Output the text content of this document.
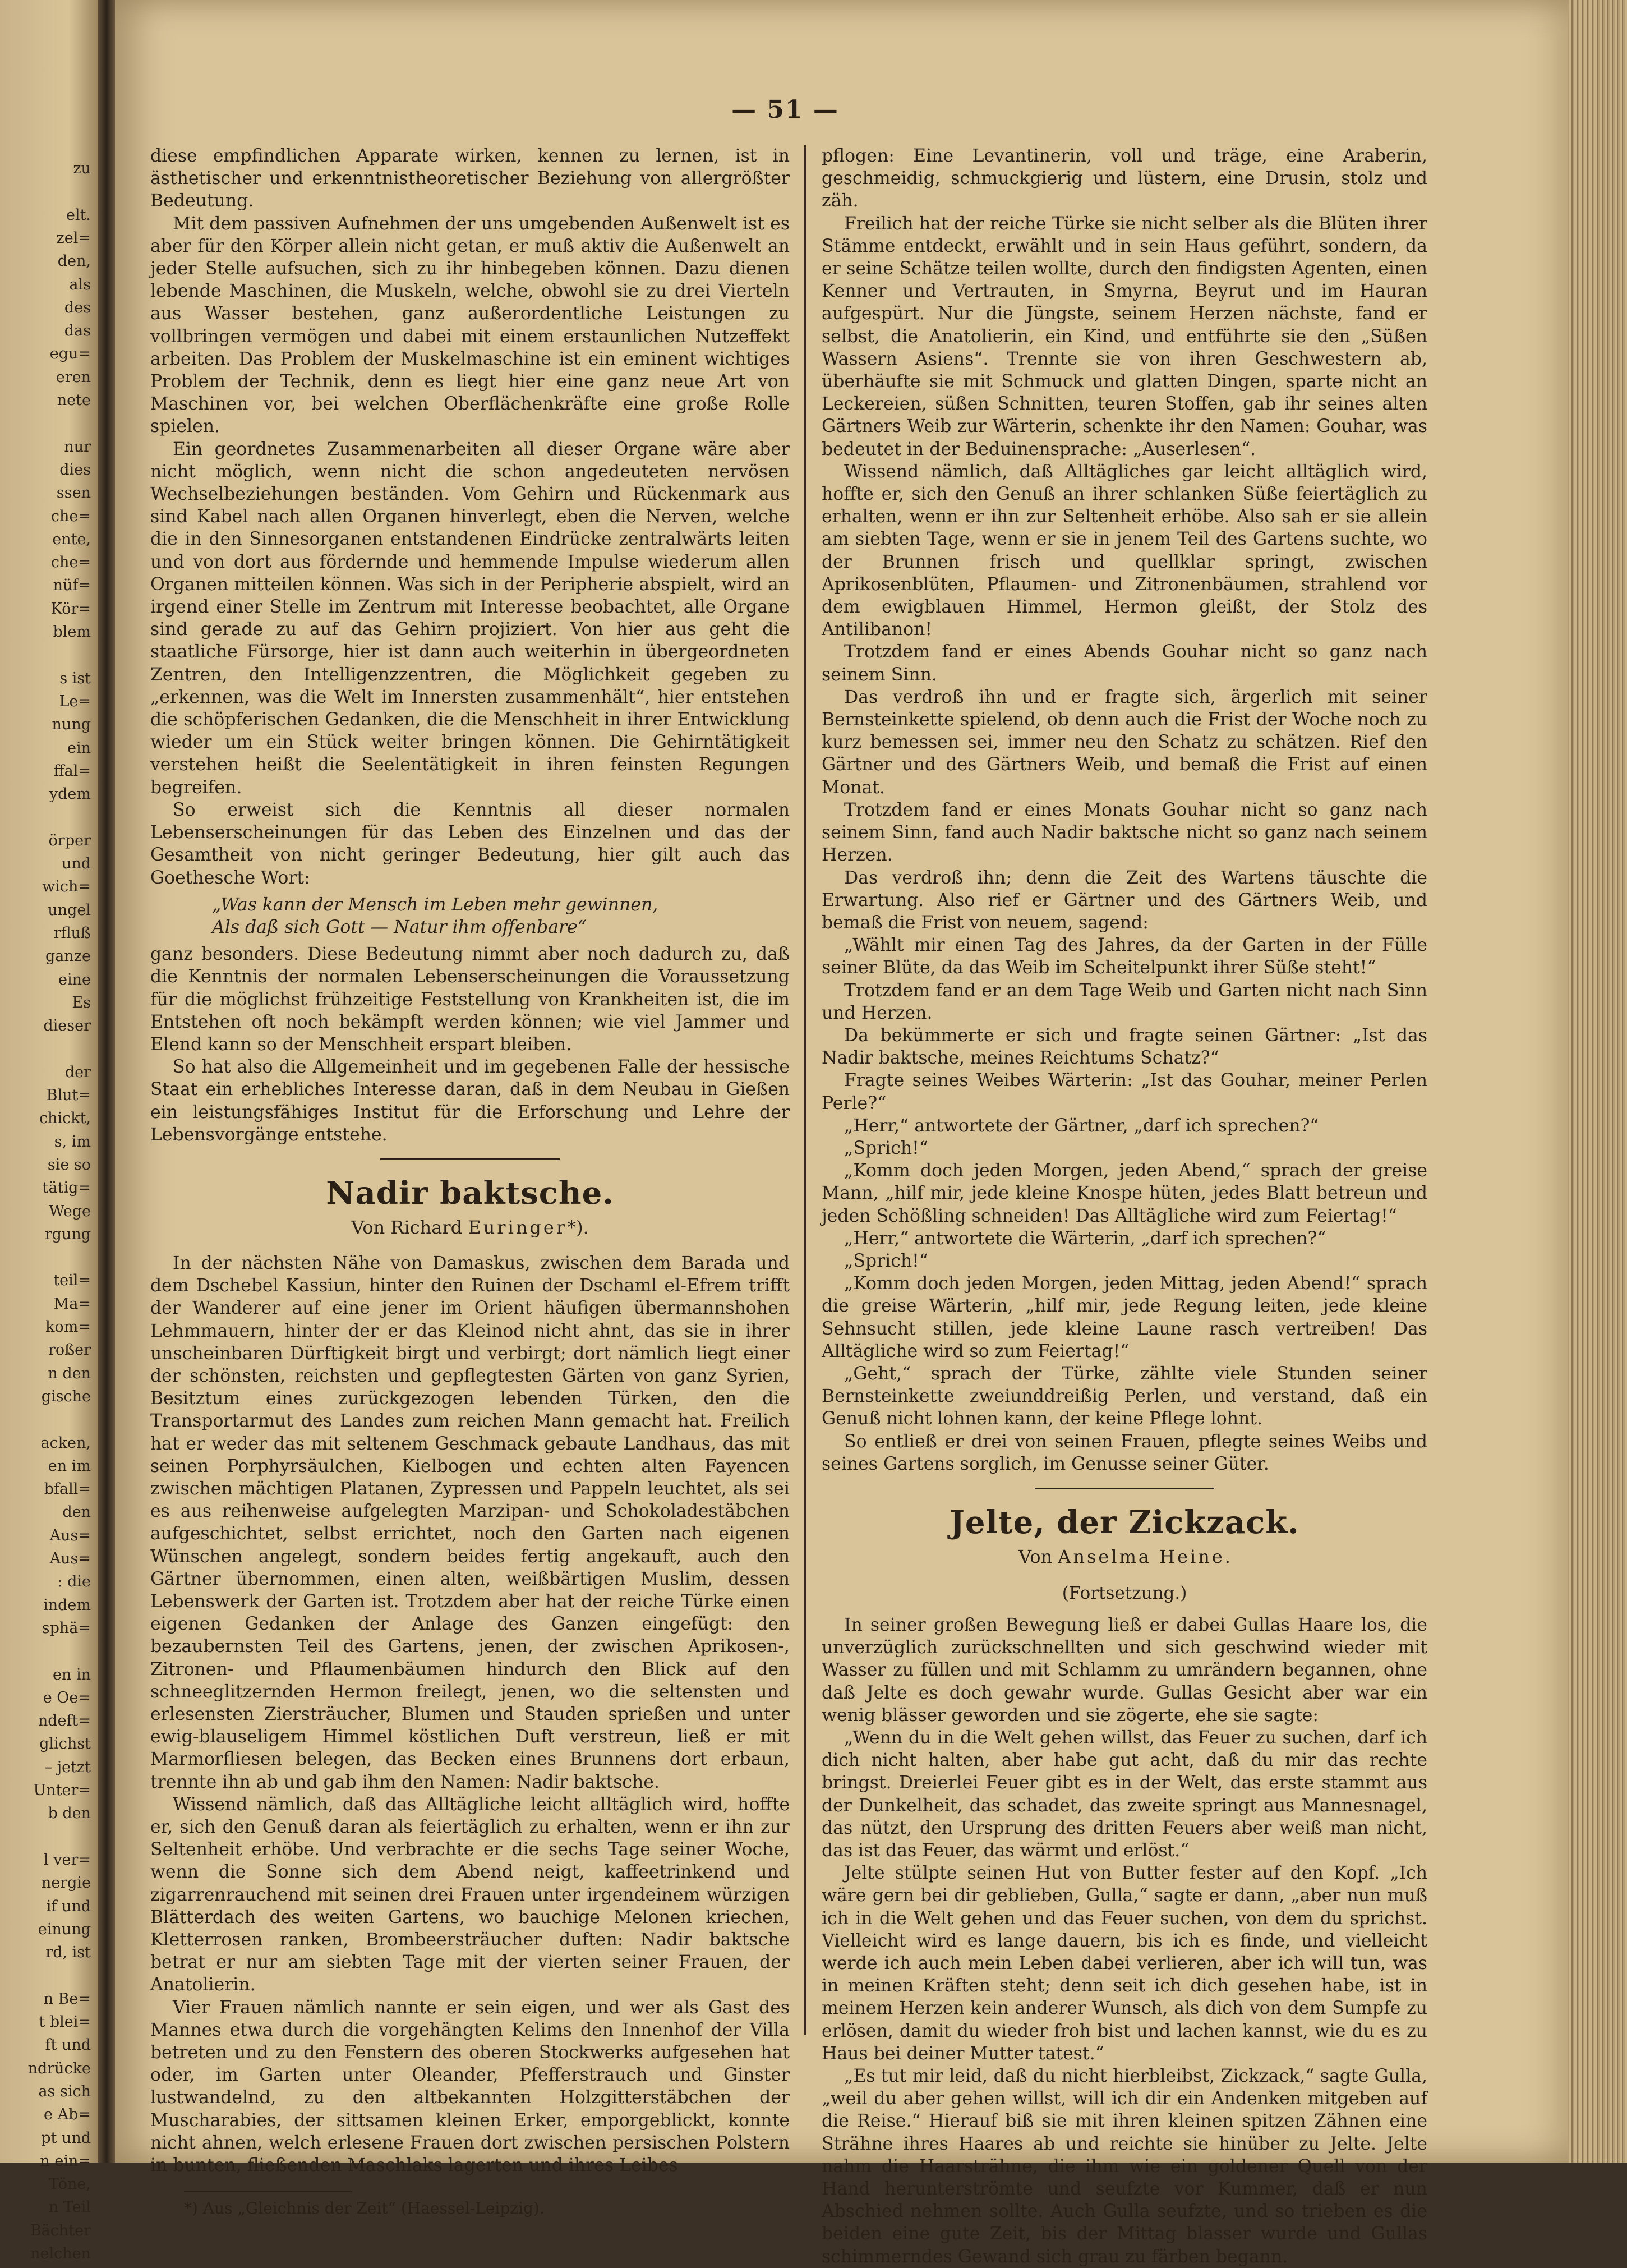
zu
elt.
zel=
den,
als
des
das
egu=
eren
nete
nur
dies
ssen
che=
ente,
che=
nüf=
Kör=
blem
s ist
Le=
nung
ein
ffal=
ydem
örper
und
wich=
ungel
rfluß
ganze
eine
Es
dieser
der
Blut=
chickt,
s, im
sie so
tätig=
Wege
rgung
teil=
Ma=
kom=
roßer
n den
gische
acken,
en im
bfall=
den
Aus=
Aus=
: die
indem
sphä=
en in
e Oe=
ndeft=
glichst
– jetzt
Unter=
b den
l ver=
nergie
if und
einung
rd, ist
n Be=
t blei=
ft und
ndrücke
as sich
e Ab=
pt und
n ein=
Töne,
n Teil
Bächter
nelchen
— 51 —

diese empfindlichen Apparate wirken, kennen zu lernen, ist in ästhetischer und erkenntnistheoretischer Beziehung von allergrößter Bedeutung.

Mit dem passiven Aufnehmen der uns umgebenden Außenwelt ist es aber für den Körper allein nicht getan, er muß aktiv die Außenwelt an jeder Stelle aufsuchen, sich zu ihr hinbegeben können. Dazu dienen lebende Maschinen, die Muskeln, welche, obwohl sie zu drei Vierteln aus Wasser bestehen, ganz außerordentliche Leistungen zu vollbringen vermögen und dabei mit einem erstaunlichen Nutzeffekt arbeiten. Das Problem der Muskelmaschine ist ein eminent wichtiges Problem der Technik, denn es liegt hier eine ganz neue Art von Maschinen vor, bei welchen Oberflächenkräfte eine große Rolle spielen.

Ein geordnetes Zusammenarbeiten all dieser Organe wäre aber nicht möglich, wenn nicht die schon angedeuteten nervösen Wechselbeziehungen beständen. Vom Gehirn und Rückenmark aus sind Kabel nach allen Organen hinverlegt, eben die Nerven, welche die in den Sinnesorganen entstandenen Eindrücke zentralwärts leiten und von dort aus fördernde und hemmende Impulse wiederum allen Organen mitteilen können. Was sich in der Peripherie abspielt, wird an irgend einer Stelle im Zentrum mit Interesse beobachtet, alle Organe sind gerade zu auf das Gehirn projiziert. Von hier aus geht die staatliche Fürsorge, hier ist dann auch weiterhin in übergeordneten Zentren, den Intelligenzzentren, die Möglichkeit gegeben zu „erkennen, was die Welt im Innersten zusammenhält“, hier entstehen die schöpferischen Gedanken, die die Menschheit in ihrer Entwicklung wieder um ein Stück weiter bringen können. Die Gehirntätigkeit verstehen heißt die Seelentätigkeit in ihren feinsten Regungen begreifen.

So erweist sich die Kenntnis all dieser normalen Lebenserscheinungen für das Leben des Einzelnen und das der Gesamtheit von nicht geringer Bedeutung, hier gilt auch das Goethesche Wort:

„Was kann der Mensch im Leben mehr gewinnen,
Als daß sich Gott — Natur ihm offenbare“

ganz besonders. Diese Bedeutung nimmt aber noch dadurch zu, daß die Kenntnis der normalen Lebenserscheinungen die Voraussetzung für die möglichst frühzeitige Feststellung von Krankheiten ist, die im Entstehen oft noch bekämpft werden können; wie viel Jammer und Elend kann so der Menschheit erspart bleiben.

So hat also die Allgemeinheit und im gegebenen Falle der hessische Staat ein erhebliches Interesse daran, daß in dem Neubau in Gießen ein leistungsfähiges Institut für die Erforschung und Lehre der Lebensvorgänge entstehe.

Nadir baktsche.
Von Richard Euringer*).

In der nächsten Nähe von Damaskus, zwischen dem Barada und dem Dschebel Kassiun, hinter den Ruinen der Dschaml el-Efrem trifft der Wanderer auf eine jener im Orient häufigen übermannshohen Lehmmauern, hinter der er das Kleinod nicht ahnt, das sie in ihrer unscheinbaren Dürftigkeit birgt und verbirgt; dort nämlich liegt einer der schönsten, reichsten und gepflegtesten Gärten von ganz Syrien, Besitztum eines zurückgezogen lebenden Türken, den die Transportarmut des Landes zum reichen Mann gemacht hat. Freilich hat er weder das mit seltenem Geschmack gebaute Landhaus, das mit seinen Porphyrsäulchen, Kielbogen und echten alten Fayencen zwischen mächtigen Platanen, Zypressen und Pappeln leuchtet, als sei es aus reihenweise aufgelegten Marzipan- und Schokoladestäbchen aufgeschichtet, selbst errichtet, noch den Garten nach eigenen Wünschen angelegt, sondern beides fertig angekauft, auch den Gärtner übernommen, einen alten, weißbärtigen Muslim, dessen Lebenswerk der Garten ist. Trotzdem aber hat der reiche Türke einen eigenen Gedanken der Anlage des Ganzen eingefügt: den bezaubernsten Teil des Gartens, jenen, der zwischen Aprikosen-, Zitronen- und Pflaumenbäumen hindurch den Blick auf den schneeglitzernden Hermon freilegt, jenen, wo die seltensten und erlesensten Ziersträucher, Blumen und Stauden sprießen und unter ewig-blauseligem Himmel köstlichen Duft verstreun, ließ er mit Marmorfliesen belegen, das Becken eines Brunnens dort erbaun, trennte ihn ab und gab ihm den Namen: Nadir baktsche.

Wissend nämlich, daß das Alltägliche leicht alltäglich wird, hoffte er, sich den Genuß daran als feiertäglich zu erhalten, wenn er ihn zur Seltenheit erhöbe. Und verbrachte er die sechs Tage seiner Woche, wenn die Sonne sich dem Abend neigt, kaffeetrinkend und zigarrenrauchend mit seinen drei Frauen unter irgendeinem würzigen Blätterdach des weiten Gartens, wo bauchige Melonen kriechen, Kletterrosen ranken, Brombeersträucher duften: Nadir baktsche betrat er nur am siebten Tage mit der vierten seiner Frauen, der Anatolierin.

Vier Frauen nämlich nannte er sein eigen, und wer als Gast des Mannes etwa durch die vorgehängten Kelims den Innenhof der Villa betreten und zu den Fenstern des oberen Stockwerks aufgesehen hat oder, im Garten unter Oleander, Pfefferstrauch und Ginster lustwandelnd, zu den altbekannten Holzgitterstäbchen der Muscharabies, der sittsamen kleinen Erker, emporgeblickt, konnte nicht ahnen, welch erlesene Frauen dort zwischen persischen Polstern in bunten, fließenden Maschlaks lagerten und ihres Leibes

*) Aus „Gleichnis der Zeit“ (Haessel-Leipzig).

pflogen: Eine Levantinerin, voll und träge, eine Araberin, geschmeidig, schmuckgierig und lüstern, eine Drusin, stolz und zäh.

Freilich hat der reiche Türke sie nicht selber als die Blüten ihrer Stämme entdeckt, erwählt und in sein Haus geführt, sondern, da er seine Schätze teilen wollte, durch den findigsten Agenten, einen Kenner und Vertrauten, in Smyrna, Beyrut und im Hauran aufgespürt. Nur die Jüngste, seinem Herzen nächste, fand er selbst, die Anatolierin, ein Kind, und entführte sie den „Süßen Wassern Asiens“. Trennte sie von ihren Geschwestern ab, überhäufte sie mit Schmuck und glatten Dingen, sparte nicht an Leckereien, süßen Schnitten, teuren Stoffen, gab ihr seines alten Gärtners Weib zur Wärterin, schenkte ihr den Namen: Gouhar, was bedeutet in der Beduinensprache: „Auserlesen“.

Wissend nämlich, daß Alltägliches gar leicht alltäglich wird, hoffte er, sich den Genuß an ihrer schlanken Süße feiertäglich zu erhalten, wenn er ihn zur Seltenheit erhöbe. Also sah er sie allein am siebten Tage, wenn er sie in jenem Teil des Gartens suchte, wo der Brunnen frisch und quellklar springt, zwischen Aprikosenblüten, Pflaumen- und Zitronenbäumen, strahlend vor dem ewigblauen Himmel, Hermon gleißt, der Stolz des Antilibanon!

Trotzdem fand er eines Abends Gouhar nicht so ganz nach seinem Sinn.

Das verdroß ihn und er fragte sich, ärgerlich mit seiner Bernsteinkette spielend, ob denn auch die Frist der Woche noch zu kurz bemessen sei, immer neu den Schatz zu schätzen. Rief den Gärtner und des Gärtners Weib, und bemaß die Frist auf einen Monat.

Trotzdem fand er eines Monats Gouhar nicht so ganz nach seinem Sinn, fand auch Nadir baktsche nicht so ganz nach seinem Herzen.

Das verdroß ihn; denn die Zeit des Wartens täuschte die Erwartung. Also rief er Gärtner und des Gärtners Weib, und bemaß die Frist von neuem, sagend:

„Wählt mir einen Tag des Jahres, da der Garten in der Fülle seiner Blüte, da das Weib im Scheitelpunkt ihrer Süße steht!“

Trotzdem fand er an dem Tage Weib und Garten nicht nach Sinn und Herzen.

Da bekümmerte er sich und fragte seinen Gärtner: „Ist das Nadir baktsche, meines Reichtums Schatz?“

Fragte seines Weibes Wärterin: „Ist das Gouhar, meiner Perlen Perle?“

„Herr,“ antwortete der Gärtner, „darf ich sprechen?“

„Sprich!“

„Komm doch jeden Morgen, jeden Abend,“ sprach der greise Mann, „hilf mir, jede kleine Knospe hüten, jedes Blatt betreun und jeden Schößling schneiden! Das Alltägliche wird zum Feiertag!“

„Herr,“ antwortete die Wärterin, „darf ich sprechen?“

„Sprich!“

„Komm doch jeden Morgen, jeden Mittag, jeden Abend!“ sprach die greise Wärterin, „hilf mir, jede Regung leiten, jede kleine Sehnsucht stillen, jede kleine Laune rasch vertreiben! Das Alltägliche wird so zum Feiertag!“

„Geht,“ sprach der Türke, zählte viele Stunden seiner Bernsteinkette zweiunddreißig Perlen, und verstand, daß ein Genuß nicht lohnen kann, der keine Pflege lohnt.

So entließ er drei von seinen Frauen, pflegte seines Weibs und seines Gartens sorglich, im Genusse seiner Güter.

Jelte, der Zickzack.
Von Anselma Heine.
(Fortsetzung.)

In seiner großen Bewegung ließ er dabei Gullas Haare los, die unverzüglich zurückschnellten und sich geschwind wieder mit Wasser zu füllen und mit Schlamm zu umrändern begannen, ohne daß Jelte es doch gewahr wurde. Gullas Gesicht aber war ein wenig blässer geworden und sie zögerte, ehe sie sagte:

„Wenn du in die Welt gehen willst, das Feuer zu suchen, darf ich dich nicht halten, aber habe gut acht, daß du mir das rechte bringst. Dreierlei Feuer gibt es in der Welt, das erste stammt aus der Dunkelheit, das schadet, das zweite springt aus Mannesnagel, das nützt, den Ursprung des dritten Feuers aber weiß man nicht, das ist das Feuer, das wärmt und erlöst.“

Jelte stülpte seinen Hut von Butter fester auf den Kopf. „Ich wäre gern bei dir geblieben, Gulla,“ sagte er dann, „aber nun muß ich in die Welt gehen und das Feuer suchen, von dem du sprichst. Vielleicht wird es lange dauern, bis ich es finde, und vielleicht werde ich auch mein Leben dabei verlieren, aber ich will tun, was in meinen Kräften steht; denn seit ich dich gesehen habe, ist in meinem Herzen kein anderer Wunsch, als dich von dem Sumpfe zu erlösen, damit du wieder froh bist und lachen kannst, wie du es zu Haus bei deiner Mutter tatest.“

„Es tut mir leid, daß du nicht hierbleibst, Zickzack,“ sagte Gulla, „weil du aber gehen willst, will ich dir ein Andenken mitgeben auf die Reise.“ Hierauf biß sie mit ihren kleinen spitzen Zähnen eine Strähne ihres Haares ab und reichte sie hinüber zu Jelte. Jelte nahm die Haarsträhne, die ihm wie ein goldener Quell von der Hand herunterströmte und seufzte vor Kummer, daß er nun Abschied nehmen sollte. Auch Gulla seufzte, und so trieben es die beiden eine gute Zeit, bis der Mittag blasser wurde und Gullas schimmerndes Gewand sich grau zu färben begann.
